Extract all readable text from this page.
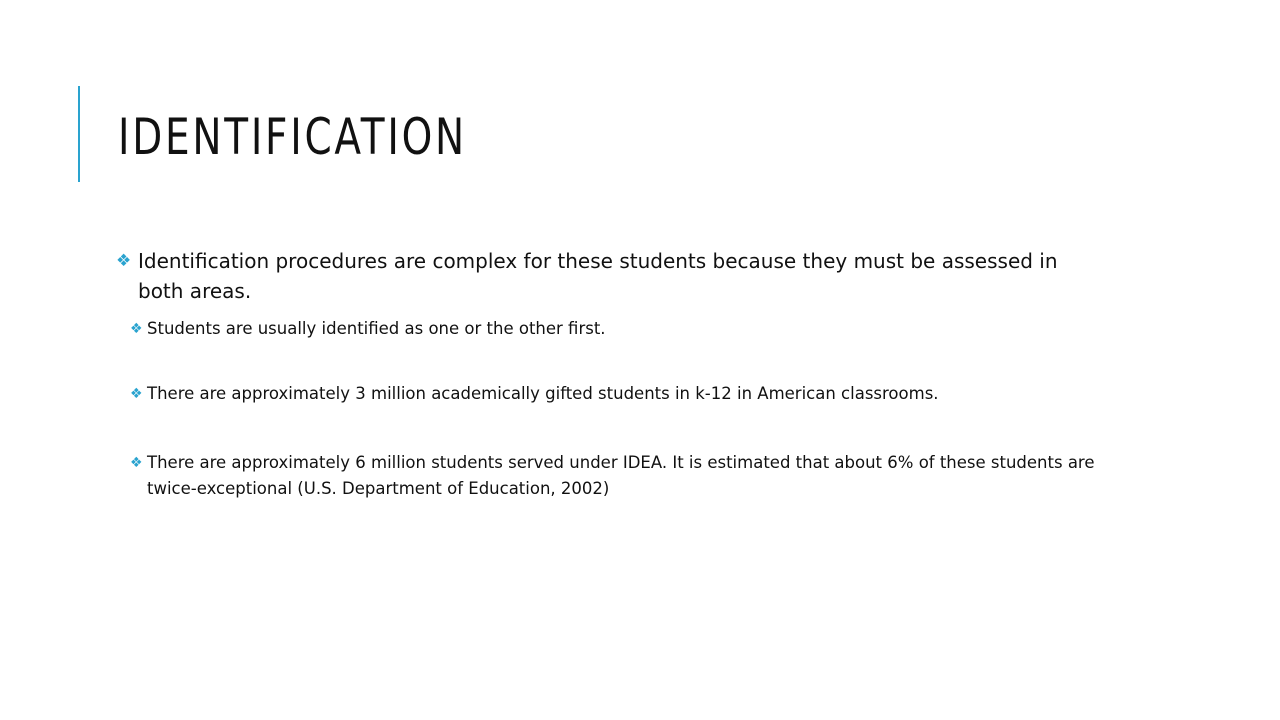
IDENTIFICATION
❖ Identification procedures are complex for these students because they must be assessed in both areas.
❖ Students are usually identified as one or the other first.
❖ There are approximately 3 million academically gifted students in k-12 in American classrooms.
❖ There are approximately 6 million students served under IDEA. It is estimated that about 6% of these students are twice-exceptional (U.S. Department of Education, 2002)
